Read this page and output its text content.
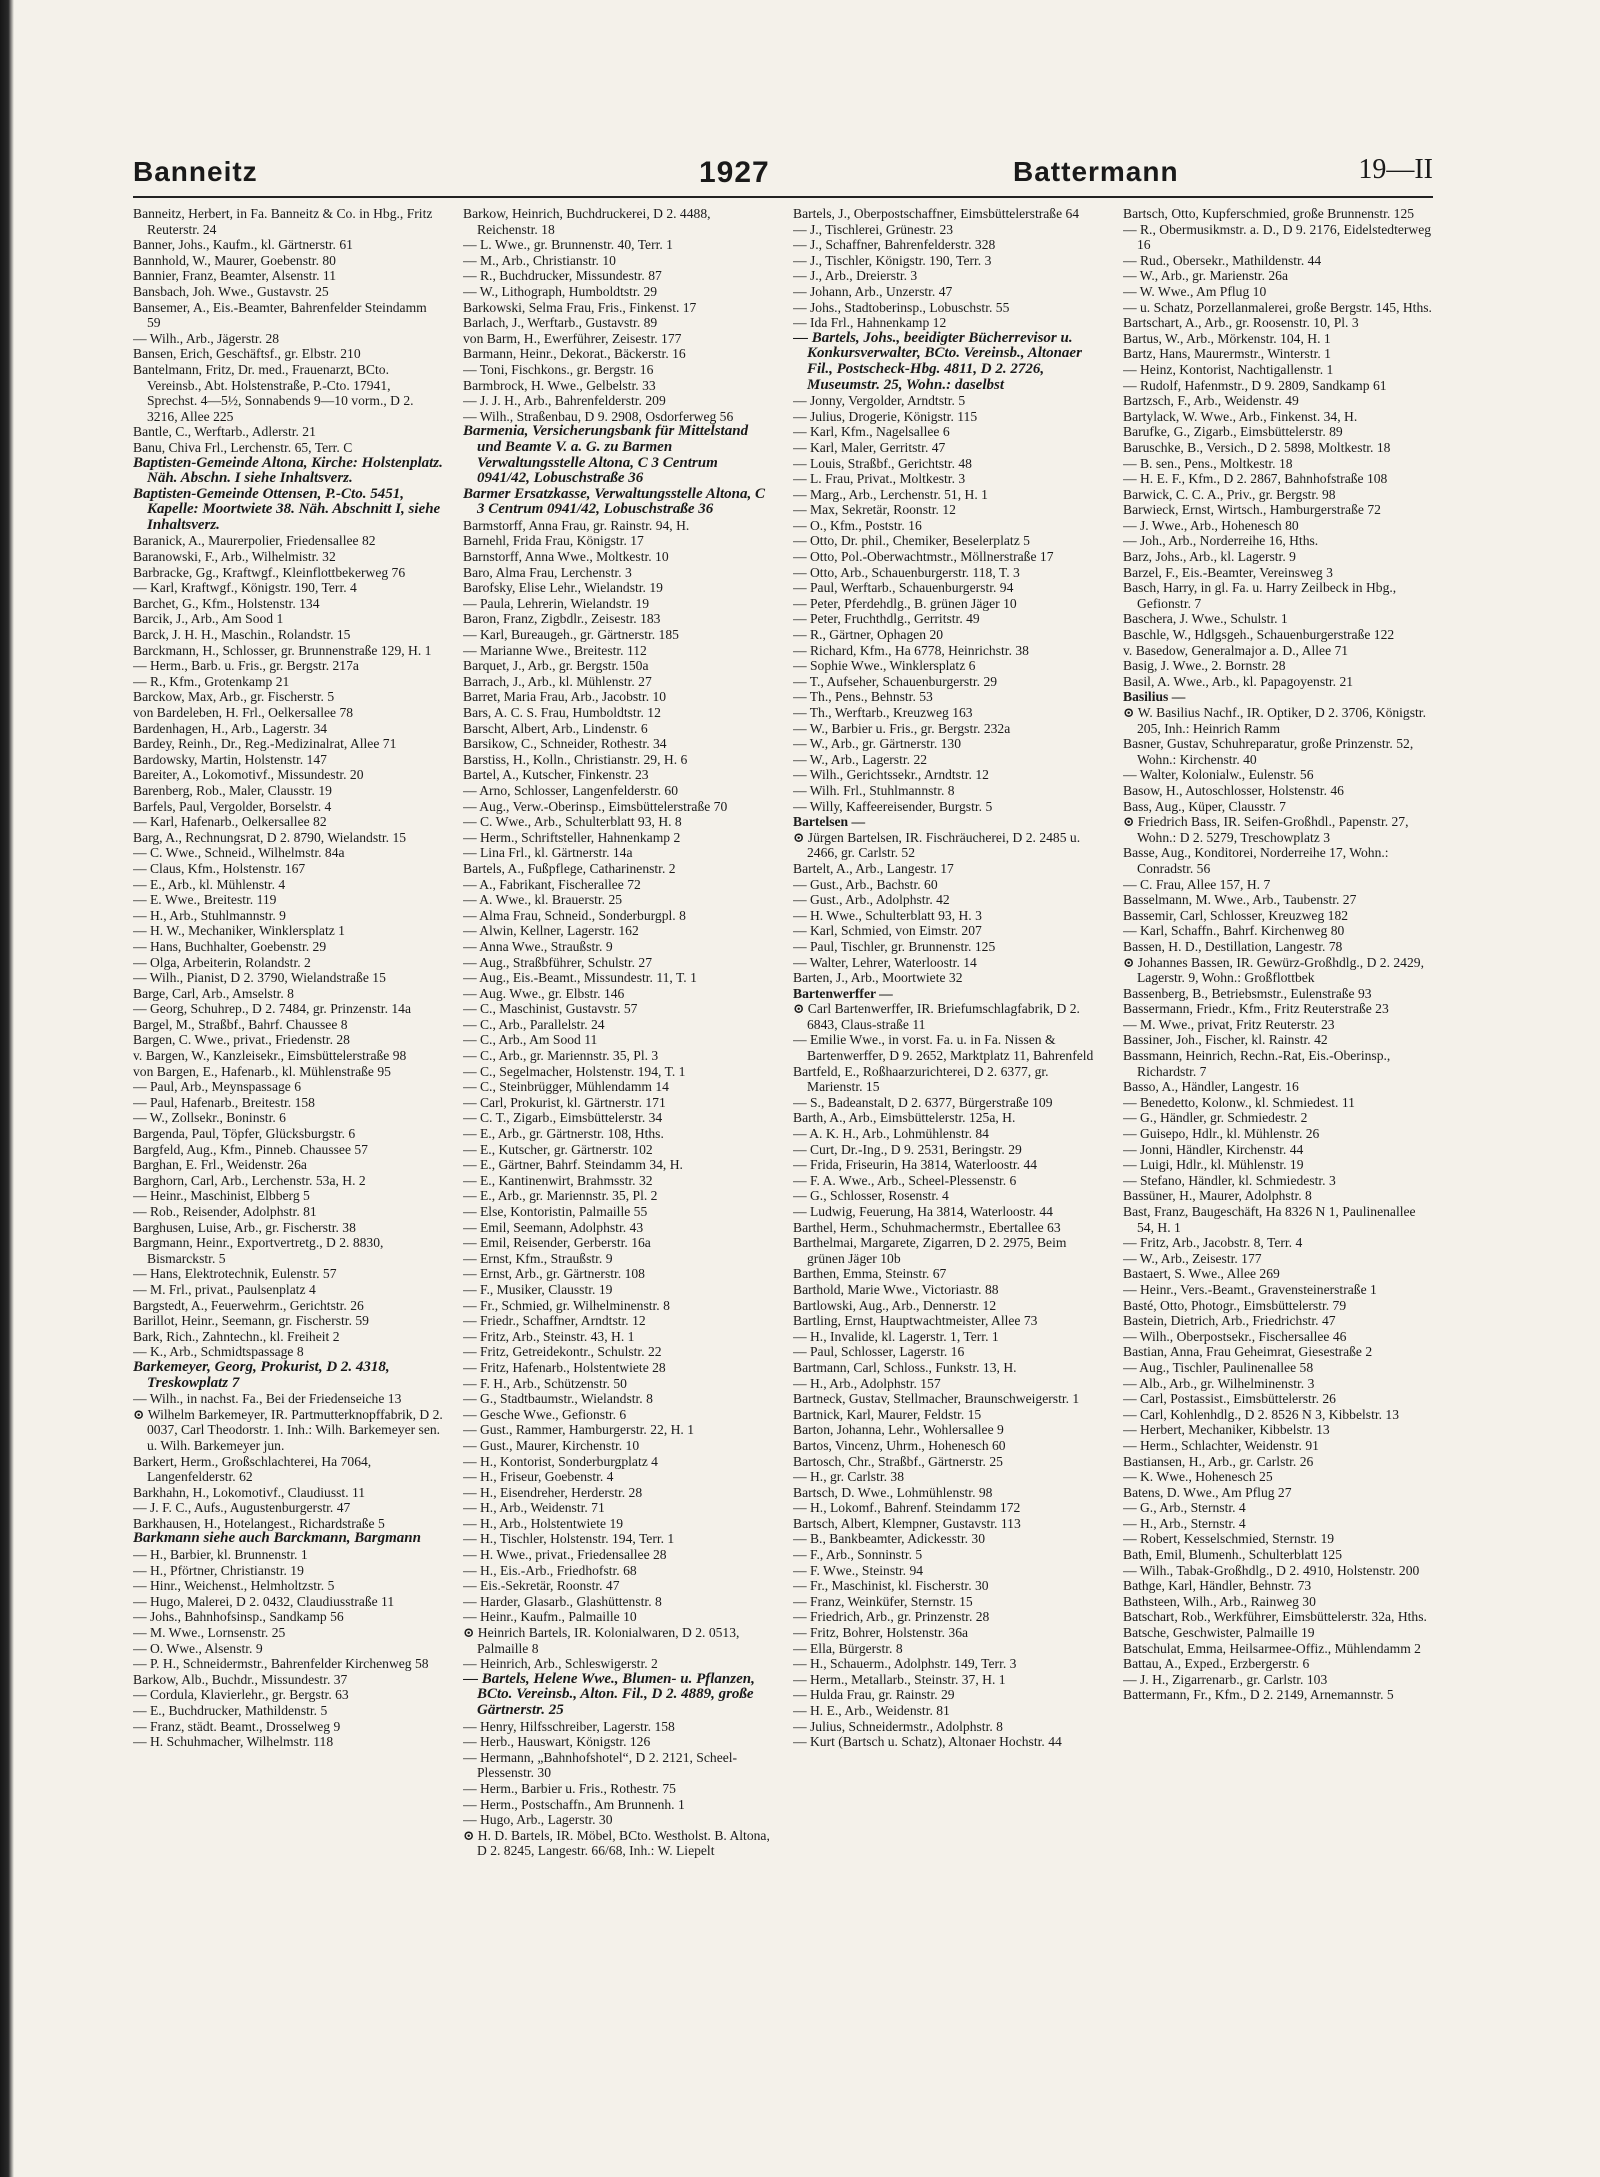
Banneitz	1927	Battermann	19—II

Banneitz, Herbert, in Fa. Banneitz & Co. in Hbg., Fritz Reuterstr. 24

Banner, Johs., Kaufm., kl. Gärtnerstr. 61

Bannhold, W., Maurer, Goebenstr. 80

Bannier, Franz, Beamter, Alsenstr. 11

Bansbach, Joh. Wwe., Gustavstr. 25

Bansemer, A., Eis.-Beamter, Bahrenfelder Steindamm 59

— Wilh., Arb., Jägerstr. 28

Bansen, Erich, Geschäftsf., gr. Elbstr. 210

Bantelmann, Fritz, Dr. med., Frauenarzt, BCto. Vereinsb., Abt. Holstenstraße, P.-Cto. 17941, Sprechst. 4—5½, Sonnabends 9—10 vorm., D 2. 3216, Allee 225

Bantle, C., Werftarb., Adlerstr. 21

Banu, Chiva Frl., Lerchenstr. 65, Terr. C

Baptisten-Gemeinde Altona, Kirche: Holstenplatz. Näh. Abschn. I siehe Inhaltsverz.

Baptisten-Gemeinde Ottensen, P.-Cto. 5451, Kapelle: Moortwiete 38. Näh. Abschnitt I, siehe Inhaltsverz.

Baranick, A., Maurerpolier, Friedensallee 82

Baranowski, F., Arb., Wilhelmistr. 32

Barbracke, Gg., Kraftwgf., Kleinflottbekerweg 76

— Karl, Kraftwgf., Königstr. 190, Terr. 4

Barchet, G., Kfm., Holstenstr. 134

Barcik, J., Arb., Am Sood 1

Barck, J. H. H., Maschin., Rolandstr. 15

Barckmann, H., Schlosser, gr. Brunnenstraße 129, H. 1

— Herm., Barb. u. Fris., gr. Bergstr. 217a

— R., Kfm., Grotenkamp 21

Barckow, Max, Arb., gr. Fischerstr. 5

von Bardeleben, H. Frl., Oelkersallee 78

Bardenhagen, H., Arb., Lagerstr. 34

Bardey, Reinh., Dr., Reg.-Medizinalrat, Allee 71

Bardowsky, Martin, Holstenstr. 147

Bareiter, A., Lokomotivf., Missundestr. 20

Barenberg, Rob., Maler, Clausstr. 19

Barfels, Paul, Vergolder, Borselstr. 4

— Karl, Hafenarb., Oelkersallee 82

Barg, A., Rechnungsrat, D 2. 8790, Wielandstr. 15

— C. Wwe., Schneid., Wilhelmstr. 84a

— Claus, Kfm., Holstenstr. 167

— E., Arb., kl. Mühlenstr. 4

— E. Wwe., Breitestr. 119

— H., Arb., Stuhlmannstr. 9

— H. W., Mechaniker, Winklersplatz 1

— Hans, Buchhalter, Goebenstr. 29

— Olga, Arbeiterin, Rolandstr. 2

— Wilh., Pianist, D 2. 3790, Wielandstraße 15

Barge, Carl, Arb., Amselstr. 8

— Georg, Schuhrep., D 2. 7484, gr. Prinzenstr. 14a

Bargel, M., Straßbf., Bahrf. Chaussee 8

Bargen, C. Wwe., privat., Friedenstr. 28

v. Bargen, W., Kanzleisekr., Eimsbüttelerstraße 98

von Bargen, E., Hafenarb., kl. Mühlenstraße 95

— Paul, Arb., Meynspassage 6

— Paul, Hafenarb., Breitestr. 158

— W., Zollsekr., Boninstr. 6

Bargenda, Paul, Töpfer, Glücksburgstr. 6

Bargfeld, Aug., Kfm., Pinneb. Chaussee 57

Barghan, E. Frl., Weidenstr. 26a

Barghorn, Carl, Arb., Lerchenstr. 53a, H. 2

— Heinr., Maschinist, Elbberg 5

— Rob., Reisender, Adolphstr. 81

Barghusen, Luise, Arb., gr. Fischerstr. 38

Bargmann, Heinr., Exportvertretg., D 2. 8830, Bismarckstr. 5

— Hans, Elektrotechnik, Eulenstr. 57

— M. Frl., privat., Paulsenplatz 4

Bargstedt, A., Feuerwehrm., Gerichtstr. 26

Barillot, Heinr., Seemann, gr. Fischerstr. 59

Bark, Rich., Zahntechn., kl. Freiheit 2

— K., Arb., Schmidtspassage 8

Barkemeyer, Georg, Prokurist, D 2. 4318, Treskowplatz 7

— Wilh., in nachst. Fa., Bei der Friedenseiche 13

⊙ Wilhelm Barkemeyer, IR. Partmutterknopffabrik, D 2. 0037, Carl Theodorstr. 1. Inh.: Wilh. Barkemeyer sen. u. Wilh. Barkemeyer jun.

Barkert, Herm., Großschlachterei, Ha 7064, Langenfelderstr. 62

Barkhahn, H., Lokomotivf., Claudiusst. 11

— J. F. C., Aufs., Augustenburgerstr. 47

Barkhausen, H., Hotelangest., Richardstraße 5

Barkmann siehe auch Barckmann, Bargmann

— H., Barbier, kl. Brunnenstr. 1

— H., Pförtner, Christianstr. 19

— Hinr., Weichenst., Helmholtzstr. 5

— Hugo, Malerei, D 2. 0432, Claudiusstraße 11

— Johs., Bahnhofsinsp., Sandkamp 56

— M. Wwe., Lornsenstr. 25

— O. Wwe., Alsenstr. 9

— P. H., Schneidermstr., Bahrenfelder Kirchenweg 58

Barkow, Alb., Buchdr., Missundestr. 37

— Cordula, Klavierlehr., gr. Bergstr. 63

— E., Buchdrucker, Mathildenstr. 5

— Franz, städt. Beamt., Drosselweg 9

— H. Schuhmacher, Wilhelmstr. 118

Barkow, Heinrich, Buchdruckerei, D 2. 4488, Reichenstr. 18

— L. Wwe., gr. Brunnenstr. 40, Terr. 1

— M., Arb., Christianstr. 10

— R., Buchdrucker, Missundestr. 87

— W., Lithograph, Humboldtstr. 29

Barkowski, Selma Frau, Fris., Finkenst. 17

Barlach, J., Werftarb., Gustavstr. 89

von Barm, H., Ewerführer, Zeisestr. 177

Barmann, Heinr., Dekorat., Bäckerstr. 16

— Toni, Fischkons., gr. Bergstr. 16

Barmbrock, H. Wwe., Gelbelstr. 33

— J. J. H., Arb., Bahrenfelderstr. 209

— Wilh., Straßenbau, D 9. 2908, Osdorferweg 56

Barmenia, Versicherungsbank für Mittelstand und Beamte V. a. G. zu Barmen Verwaltungsstelle Altona, C 3 Centrum 0941/42, Lobuschstraße 36

Barmer Ersatzkasse, Verwaltungsstelle Altona, C 3 Centrum 0941/42, Lobuschstraße 36

Barmstorff, Anna Frau, gr. Rainstr. 94, H.

Barnehl, Frida Frau, Königstr. 17

Barnstorff, Anna Wwe., Moltkestr. 10

Baro, Alma Frau, Lerchenstr. 3

Barofsky, Elise Lehr., Wielandstr. 19

— Paula, Lehrerin, Wielandstr. 19

Baron, Franz, Zigbdlr., Zeisestr. 183

— Karl, Bureaugeh., gr. Gärtnerstr. 185

— Marianne Wwe., Breitestr. 112

Barquet, J., Arb., gr. Bergstr. 150a

Barrach, J., Arb., kl. Mühlenstr. 27

Barret, Maria Frau, Arb., Jacobstr. 10

Bars, A. C. S. Frau, Humboldtstr. 12

Barscht, Albert, Arb., Lindenstr. 6

Barsikow, C., Schneider, Rothestr. 34

Barstiss, H., Kolln., Christianstr. 29, H. 6

Bartel, A., Kutscher, Finkenstr. 23

— Arno, Schlosser, Langenfelderstr. 60

— Aug., Verw.-Oberinsp., Eimsbüttelerstraße 70

— C. Wwe., Arb., Schulterblatt 93, H. 8

— Herm., Schriftsteller, Hahnenkamp 2

— Lina Frl., kl. Gärtnerstr. 14a

Bartels, A., Fußpflege, Catharinenstr. 2

— A., Fabrikant, Fischerallee 72

— A. Wwe., kl. Brauerstr. 25

— Alma Frau, Schneid., Sonderburgpl. 8

— Alwin, Kellner, Lagerstr. 162

— Anna Wwe., Straußstr. 9

— Aug., Straßbführer, Schulstr. 27

— Aug., Eis.-Beamt., Missundestr. 11, T. 1

— Aug. Wwe., gr. Elbstr. 146

— C., Maschinist, Gustavstr. 57

— C., Arb., Parallelstr. 24

— C., Arb., Am Sood 11

— C., Arb., gr. Mariennstr. 35, Pl. 3

— C., Segelmacher, Holstenstr. 194, T. 1

— C., Steinbrügger, Mühlendamm 14

— Carl, Prokurist, kl. Gärtnerstr. 171

— C. T., Zigarb., Eimsbüttelerstr. 34

— E., Arb., gr. Gärtnerstr. 108, Hths.

— E., Kutscher, gr. Gärtnerstr. 102

— E., Gärtner, Bahrf. Steindamm 34, H.

— E., Kantinenwirt, Brahmsstr. 32

— E., Arb., gr. Mariennstr. 35, Pl. 2

— Else, Kontoristin, Palmaille 55

— Emil, Seemann, Adolphstr. 43

— Emil, Reisender, Gerberstr. 16a

— Ernst, Kfm., Straußstr. 9

— Ernst, Arb., gr. Gärtnerstr. 108

— F., Musiker, Clausstr. 19

— Fr., Schmied, gr. Wilhelminenstr. 8

— Friedr., Schaffner, Arndtstr. 12

— Fritz, Arb., Steinstr. 43, H. 1

— Fritz, Getreidekontr., Schulstr. 22

— Fritz, Hafenarb., Holstentwiete 28

— F. H., Arb., Schützenstr. 50

— G., Stadtbaumstr., Wielandstr. 8

— Gesche Wwe., Gefionstr. 6

— Gust., Rammer, Hamburgerstr. 22, H. 1

— Gust., Maurer, Kirchenstr. 10

— H., Kontorist, Sonderburgplatz 4

— H., Friseur, Goebenstr. 4

— H., Eisendreher, Herderstr. 28

— H., Arb., Weidenstr. 71

— H., Arb., Holstentwiete 19

— H., Tischler, Holstenstr. 194, Terr. 1

— H. Wwe., privat., Friedensallee 28

— H., Eis.-Arb., Friedhofstr. 68

— Eis.-Sekretär, Roonstr. 47

— Harder, Glasarb., Glashüttenstr. 8

— Heinr., Kaufm., Palmaille 10

⊙ Heinrich Bartels, IR. Kolonialwaren, D 2. 0513, Palmaille 8

— Heinrich, Arb., Schleswigerstr. 2

— Bartels, Helene Wwe., Blumen- u. Pflanzen, BCto. Vereinsb., Alton. Fil., D 2. 4889, große Gärtnerstr. 25

— Henry, Hilfsschreiber, Lagerstr. 158

— Herb., Hauswart, Königstr. 126

— Hermann, „Bahnhofshotel“, D 2. 2121, Scheel-Plessenstr. 30

— Herm., Barbier u. Fris., Rothestr. 75

— Herm., Postschaffn., Am Brunnenh. 1

— Hugo, Arb., Lagerstr. 30

⊙ H. D. Bartels, IR. Möbel, BCto. Westholst. B. Altona, D 2. 8245, Langestr. 66/68, Inh.: W. Liepelt

Bartels, J., Oberpostschaffner, Eimsbüttelerstraße 64

— J., Tischlerei, Grünestr. 23

— J., Schaffner, Bahrenfelderstr. 328

— J., Tischler, Königstr. 190, Terr. 3

— J., Arb., Dreierstr. 3

— Johann, Arb., Unzerstr. 47

— Johs., Stadtoberinsp., Lobuschstr. 55

— Ida Frl., Hahnenkamp 12

— Bartels, Johs., beeidigter Bücherrevisor u. Konkursverwalter, BCto. Vereinsb., Altonaer Fil., Postscheck-Hbg. 4811, D 2. 2726, Museumstr. 25, Wohn.: daselbst

— Jonny, Vergolder, Arndtstr. 5

— Julius, Drogerie, Königstr. 115

— Karl, Kfm., Nagelsallee 6

— Karl, Maler, Gerritstr. 47

— Louis, Straßbf., Gerichtstr. 48

— L. Frau, Privat., Moltkestr. 3

— Marg., Arb., Lerchenstr. 51, H. 1

— Max, Sekretär, Roonstr. 12

— O., Kfm., Poststr. 16

— Otto, Dr. phil., Chemiker, Beselerplatz 5

— Otto, Pol.-Oberwachtmstr., Möllnerstraße 17

— Otto, Arb., Schauenburgerstr. 118, T. 3

— Paul, Werftarb., Schauenburgerstr. 94

— Peter, Pferdehdlg., B. grünen Jäger 10

— Peter, Fruchthdlg., Gerritstr. 49

— R., Gärtner, Ophagen 20

— Richard, Kfm., Ha 6778, Heinrichstr. 38

— Sophie Wwe., Winklersplatz 6

— T., Aufseher, Schauenburgerstr. 29

— Th., Pens., Behnstr. 53

— Th., Werftarb., Kreuzweg 163

— W., Barbier u. Fris., gr. Bergstr. 232a

— W., Arb., gr. Gärtnerstr. 130

— W., Arb., Lagerstr. 22

— Wilh., Gerichtssekr., Arndtstr. 12

— Wilh. Frl., Stuhlmannstr. 8

— Willy, Kaffeereisender, Burgstr. 5

Bartelsen —

⊙ Jürgen Bartelsen, IR. Fischräucherei, D 2. 2485 u. 2466, gr. Carlstr. 52

Bartelt, A., Arb., Langestr. 17

— Gust., Arb., Bachstr. 60

— Gust., Arb., Adolphstr. 42

— H. Wwe., Schulterblatt 93, H. 3

— Karl, Schmied, von Eimstr. 207

— Paul, Tischler, gr. Brunnenstr. 125

— Walter, Lehrer, Waterloostr. 14

Barten, J., Arb., Moortwiete 32

Bartenwerffer —

⊙ Carl Bartenwerffer, IR. Briefumschlagfabrik, D 2. 6843, Claus-straße 11

— Emilie Wwe., in vorst. Fa. u. in Fa. Nissen & Bartenwerffer, D 9. 2652, Marktplatz 11, Bahrenfeld

Bartfeld, E., Roßhaarzurichterei, D 2. 6377, gr. Marienstr. 15

— S., Badeanstalt, D 2. 6377, Bürgerstraße 109

Barth, A., Arb., Eimsbüttelerstr. 125a, H.

— A. K. H., Arb., Lohmühlenstr. 84

— Curt, Dr.-Ing., D 9. 2531, Beringstr. 29

— Frida, Friseurin, Ha 3814, Waterloostr. 44

— F. A. Wwe., Arb., Scheel-Plessenstr. 6

— G., Schlosser, Rosenstr. 4

— Ludwig, Feuerung, Ha 3814, Waterloostr. 44

Barthel, Herm., Schuhmachermstr., Ebertallee 63

Barthelmai, Margarete, Zigarren, D 2. 2975, Beim grünen Jäger 10b

Barthen, Emma, Steinstr. 67

Barthold, Marie Wwe., Victoriastr. 88

Bartlowski, Aug., Arb., Dennerstr. 12

Bartling, Ernst, Hauptwachtmeister, Allee 73

— H., Invalide, kl. Lagerstr. 1, Terr. 1

— Paul, Schlosser, Lagerstr. 16

Bartmann, Carl, Schloss., Funkstr. 13, H.

— H., Arb., Adolphstr. 157

Bartneck, Gustav, Stellmacher, Braunschweigerstr. 1

Bartnick, Karl, Maurer, Feldstr. 15

Barton, Johanna, Lehr., Wohlersallee 9

Bartos, Vincenz, Uhrm., Hohenesch 60

Bartosch, Chr., Straßbf., Gärtnerstr. 25

— H., gr. Carlstr. 38

Bartsch, D. Wwe., Lohmühlenstr. 98

— H., Lokomf., Bahrenf. Steindamm 172

Bartsch, Albert, Klempner, Gustavstr. 113

— B., Bankbeamter, Adickesstr. 30

— F., Arb., Sonninstr. 5

— F. Wwe., Steinstr. 94

— Fr., Maschinist, kl. Fischerstr. 30

— Franz, Weinküfer, Sternstr. 15

— Friedrich, Arb., gr. Prinzenstr. 28

— Fritz, Bohrer, Holstenstr. 36a

— Ella, Bürgerstr. 8

— H., Schauerm., Adolphstr. 149, Terr. 3

— Herm., Metallarb., Steinstr. 37, H. 1

— Hulda Frau, gr. Rainstr. 29

— H. E., Arb., Weidenstr. 81

— Julius, Schneidermstr., Adolphstr. 8

— Kurt (Bartsch u. Schatz), Altonaer Hochstr. 44

Bartsch, Otto, Kupferschmied, große Brunnenstr. 125

— R., Obermusikmstr. a. D., D 9. 2176, Eidelstedterweg 16

— Rud., Obersekr., Mathildenstr. 44

— W., Arb., gr. Marienstr. 26a

— W. Wwe., Am Pflug 10

— u. Schatz, Porzellanmalerei, große Bergstr. 145, Hths.

Bartschart, A., Arb., gr. Roosenstr. 10, Pl. 3

Bartus, W., Arb., Mörkenstr. 104, H. 1

Bartz, Hans, Maurermstr., Winterstr. 1

— Heinz, Kontorist, Nachtigallenstr. 1

— Rudolf, Hafenmstr., D 9. 2809, Sandkamp 61

Bartzsch, F., Arb., Weidenstr. 49

Bartylack, W. Wwe., Arb., Finkenst. 34, H.

Barufke, G., Zigarb., Eimsbüttelerstr. 89

Baruschke, B., Versich., D 2. 5898, Moltkestr. 18

— B. sen., Pens., Moltkestr. 18

— H. E. F., Kfm., D 2. 2867, Bahnhofstraße 108

Barwick, C. C. A., Priv., gr. Bergstr. 98

Barwieck, Ernst, Wirtsch., Hamburgerstraße 72

— J. Wwe., Arb., Hohenesch 80

— Joh., Arb., Norderreihe 16, Hths.

Barz, Johs., Arb., kl. Lagerstr. 9

Barzel, F., Eis.-Beamter, Vereinsweg 3

Basch, Harry, in gl. Fa. u. Harry Zeilbeck in Hbg., Gefionstr. 7

Baschera, J. Wwe., Schulstr. 1

Baschle, W., Hdlgsgeh., Schauenburgerstraße 122

v. Basedow, Generalmajor a. D., Allee 71

Basig, J. Wwe., 2. Bornstr. 28

Basil, A. Wwe., Arb., kl. Papagoyenstr. 21

Basilius —

⊙ W. Basilius Nachf., IR. Optiker, D 2. 3706, Königstr. 205, Inh.: Heinrich Ramm

Basner, Gustav, Schuhreparatur, große Prinzenstr. 52, Wohn.: Kirchenstr. 40

— Walter, Kolonialw., Eulenstr. 56

Basow, H., Autoschlosser, Holstenstr. 46

Bass, Aug., Küper, Clausstr. 7

⊙ Friedrich Bass, IR. Seifen-Großhdl., Papenstr. 27, Wohn.: D 2. 5279, Treschowplatz 3

Basse, Aug., Konditorei, Norderreihe 17, Wohn.: Conradstr. 56

— C. Frau, Allee 157, H. 7

Basselmann, M. Wwe., Arb., Taubenstr. 27

Bassemir, Carl, Schlosser, Kreuzweg 182

— Karl, Schaffn., Bahrf. Kirchenweg 80

Bassen, H. D., Destillation, Langestr. 78

⊙ Johannes Bassen, IR. Gewürz-Großhdlg., D 2. 2429, Lagerstr. 9, Wohn.: Großflottbek

Bassenberg, B., Betriebsmstr., Eulenstraße 93

Bassermann, Friedr., Kfm., Fritz Reuterstraße 23

— M. Wwe., privat, Fritz Reuterstr. 23

Bassiner, Joh., Fischer, kl. Rainstr. 42

Bassmann, Heinrich, Rechn.-Rat, Eis.-Oberinsp., Richardstr. 7

Basso, A., Händler, Langestr. 16

— Benedetto, Kolonw., kl. Schmiedest. 11

— G., Händler, gr. Schmiedestr. 2

— Guisepo, Hdlr., kl. Mühlenstr. 26

— Jonni, Händler, Kirchenstr. 44

— Luigi, Hdlr., kl. Mühlenstr. 19

— Stefano, Händler, kl. Schmiedestr. 3

Bassüner, H., Maurer, Adolphstr. 8

Bast, Franz, Baugeschäft, Ha 8326 N 1, Paulinenallee 54, H. 1

— Fritz, Arb., Jacobstr. 8, Terr. 4

— W., Arb., Zeisestr. 177

Bastaert, S. Wwe., Allee 269

— Heinr., Vers.-Beamt., Gravensteinerstraße 1

Basté, Otto, Photogr., Eimsbüttelerstr. 79

Bastein, Dietrich, Arb., Friedrichstr. 47

— Wilh., Oberpostsekr., Fischersallee 46

Bastian, Anna, Frau Geheimrat, Giesestraße 2

— Aug., Tischler, Paulinenallee 58

— Alb., Arb., gr. Wilhelminenstr. 3

— Carl, Postassist., Eimsbüttelerstr. 26

— Carl, Kohlenhdlg., D 2. 8526 N 3, Kibbelstr. 13

— Herbert, Mechaniker, Kibbelstr. 13

— Herm., Schlachter, Weidenstr. 91

Bastiansen, H., Arb., gr. Carlstr. 26

— K. Wwe., Hohenesch 25

Batens, D. Wwe., Am Pflug 27

— G., Arb., Sternstr. 4

— H., Arb., Sternstr. 4

— Robert, Kesselschmied, Sternstr. 19

Bath, Emil, Blumenh., Schulterblatt 125

— Wilh., Tabak-Großhdlg., D 2. 4910, Holstenstr. 200

Bathge, Karl, Händler, Behnstr. 73

Bathsteen, Wilh., Arb., Rainweg 30

Batschart, Rob., Werkführer, Eimsbüttelerstr. 32a, Hths.

Batsche, Geschwister, Palmaille 19

Batschulat, Emma, Heilsarmee-Offiz., Mühlendamm 2

Battau, A., Exped., Erzbergerstr. 6

— J. H., Zigarrenarb., gr. Carlstr. 103

Battermann, Fr., Kfm., D 2. 2149, Arnemannstr. 5
